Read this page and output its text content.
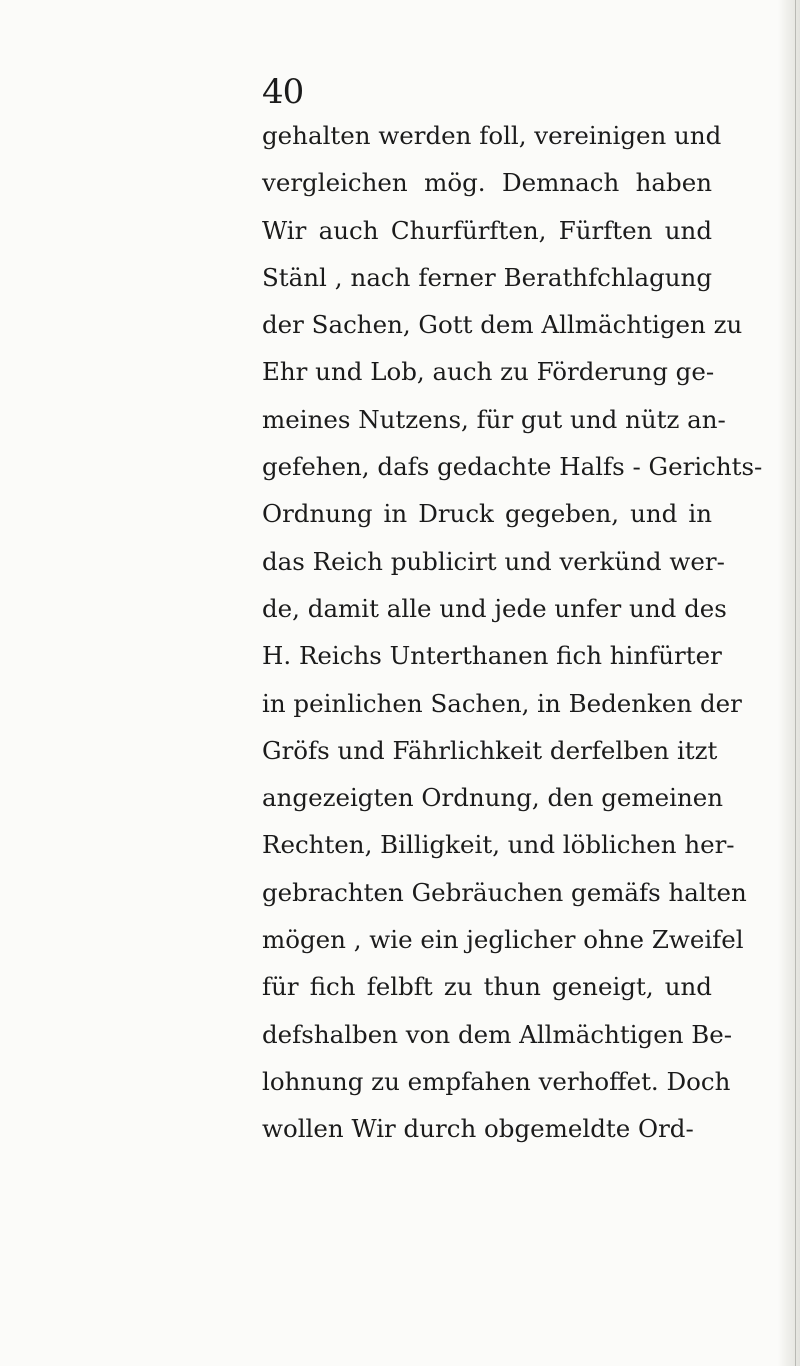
40
gehalten werden foll, vereinigen und
vergleichen mög. Demnach haben
Wir auch Churfürften, Fürften und
Stänl , nach ferner Berathfchlagung
der Sachen, Gott dem Allmächtigen zu
Ehr und Lob, auch zu Förderung ge-
meines Nutzens, für gut und nütz an-
gefehen, dafs gedachte Halfs - Gerichts-
Ordnung in Druck gegeben, und in
das Reich publicirt und verkünd wer-
de, damit alle und jede unfer und des
H. Reichs Unterthanen fich hinfürter
in peinlichen Sachen, in Bedenken der
Gröfs und Fährlichkeit derfelben itzt
angezeigten Ordnung, den gemeinen
Rechten, Billigkeit, und löblichen her-
gebrachten Gebräuchen gemäfs halten
mögen , wie ein jeglicher ohne Zweifel
für fich felbft zu thun geneigt, und
defshalben von dem Allmächtigen Be-
lohnung zu empfahen verhoffet. Doch
wollen Wir durch obgemeldte Ord-
